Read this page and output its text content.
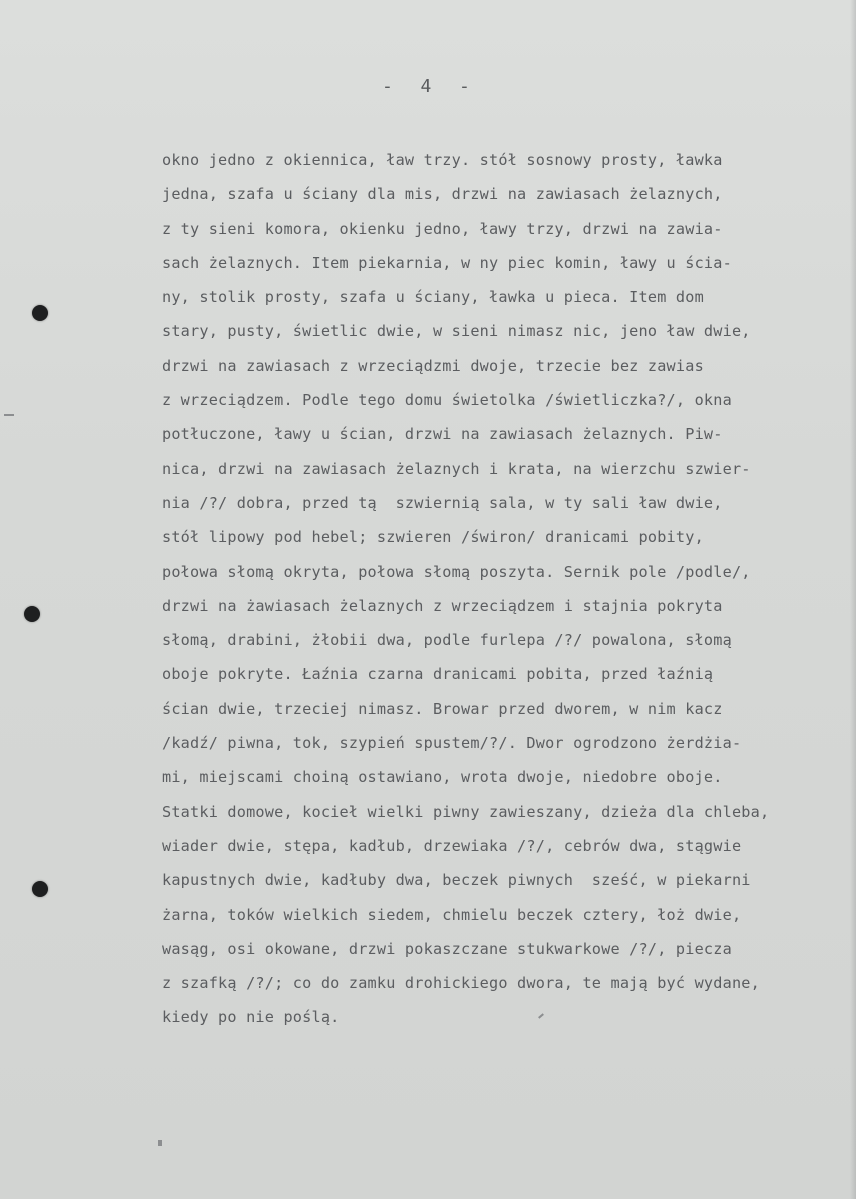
-  4  -
okno jedno z okiennica, ław trzy. stół sosnowy prosty, ławka
jedna, szafa u ściany dla mis, drzwi na zawiasach żelaznych,
z ty sieni komora, okienku jedno, ławy trzy, drzwi na zawia-
sach żelaznych. Item piekarnia, w ny piec komin, ławy u ścia-
ny, stolik prosty, szafa u ściany, ławka u pieca. Item dom
stary, pusty, świetlic dwie, w sieni nimasz nic, jeno ław dwie,
drzwi na zawiasach z wrzeciądzmi dwoje, trzecie bez zawias
z wrzeciądzem. Podle tego domu świetolka /świetliczka?/, okna
potłuczone, ławy u ścian, drzwi na zawiasach żelaznych. Piw-
nica, drzwi na zawiasach żelaznych i krata, na wierzchu szwier-
nia /?/ dobra, przed tą  szwiernią sala, w ty sali ław dwie,
stół lipowy pod hebel; szwieren /świron/ dranicami pobity,
połowa słomą okryta, połowa słomą poszyta. Sernik pole /podle/,
drzwi na żawiasach żelaznych z wrzeciądzem i stajnia pokryta
słomą, drabini, żłobii dwa, podle furlepa /?/ powalona, słomą
oboje pokryte. Łaźnia czarna dranicami pobita, przed łaźnią
ścian dwie, trzeciej nimasz. Browar przed dworem, w nim kacz
/kadź/ piwna, tok, szypień spustem/?/. Dwor ogrodzono żerdżia-
mi, miejscami choiną ostawiano, wrota dwoje, niedobre oboje.
Statki domowe, kocieł wielki piwny zawieszany, dzieża dla chleba,
wiader dwie, stępa, kadłub, drzewiaka /?/, cebrów dwa, stągwie
kapustnych dwie, kadłuby dwa, beczek piwnych  sześć, w piekarni
żarna, toków wielkich siedem, chmielu beczek cztery, łoż dwie,
wasąg, osi okowane, drzwi pokaszczane stukwarkowe /?/, piecza
z szafką /?/; co do zamku drohickiego dwora, te mają być wydane,
kiedy po nie poślą.
